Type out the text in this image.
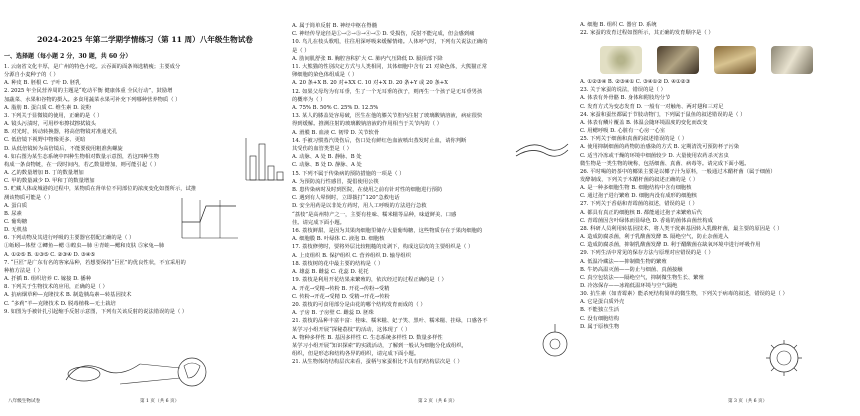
2024-2025 年第二学期学情练习（第 11 周）八年级生物试卷
一、选择题（每小题 2 分，30 题，共 60 分）
1. 云南省文化丰厚，是广州的特色小吃。云吞面的面条筛选精瘦；主要成分
分源自小麦种子的（ ）
A. 种皮 B. 胚根 C. 子叶 D. 胚乳
2. 2025 年全民营养周的主题是“吃动平衡 健康体重 全民行动”，鼓励增
加蔬菜、水果和谷物的摄入。多食用蔬菜水果可补充下列哪种营养物质（ ）
A. 脂肪 B. 蛋白质 C. 维生素 D. 淀粉
3. 下列关于显微镜的使用，正确的是（ ）
A. 镜头污渍时，可用纱布擦拭擦拭镜头
B. 对光时，转动转换器，将高倍物镜对准通光孔
C. 低倍镜下视野中物像更多、更暗
D. 从低倍镜转为高倍镜后，不能要使用粗准焦螺旋
4. 如右图为某生态系统中四种生物相对数量示意图，若这四种生物
构成一条食物链，在一段时间内，若乙数量增加，则可能引起（ ）
A. 乙的数量增加 B. 丁的数量增加
C. 甲的数量减少 D. 甲和丁的数量增加
5. 贮藏人体或城港的过程中，某物质在肾单位不同部位的浓度变化如图所示，试推
测该物质可能是（ ）
A. 蛋白质
B. 尿素
C. 葡萄糖
D. 无机盐
6. 下列动物及其进行呼吸的主要器官搭配正确的是（ ）
①蚯蚓—体壁 ②鲫鱼—鳃 ③蝗虫—肺 ④青蛙—鳃和皮肤 ⑤家兔—肺
A. ①②⑤ B. ①③⑤ C. ②③④ D. ③④⑤
7. “巨匠”是广东有名的客家品种，若想要保持“巨匠”的优良性状，不宜采用的
种植方法是（ ）
A. 扦插 B. 组织培养 C. 嫁接 D. 播种
8. 下列关于生物技术的应用，正确的是（ ）
A. 抗病烟草种—克隆技术 B. 制造胰岛素—转基因技术
C. “多莉”羊—克隆技术 D. 脱毒植株—无土栽培
9. 如图为手被针扎引起缩手反射示意图，下列有关该反射的说法错误的是（ ）
八年级生物试卷	第 1 页（共 6 页）
A. 属于简单反射 B. 神经中枢在脊髓
C. 神经传导途径是①→②→③→④→⑤ D. 受损伤，反射不能完成，但会感到痛
10. 鸟儿在枝头歌唱，往往用深呼吸来缓解情绪。人体呼气时，下列有关说法正确的
是（ ）
A. 肋间肌舒张 B. 胸腔容积扩大 C. 肺内气压降低 D. 膈顶部下降
11. 大熊猫的性别决定方式与人类相同，其体细胞中含有 21 对染色体，大熊猫正常
卵细胞的染色体组成是（ ）
A. 20 条+X B. 20 对+XX C. 10 对+X D. 20 条+Y 或 20 条+X
12. 如果父母均为有耳垂，生了一个无耳垂的孩子，则再生一个孩子是无耳垂男孩
的概率为（ ）
A. 75% B. 50% C. 25% D. 12.5%
13. 某人的膝盖处容易破，医生在他的膝关节腔内注射了玻璃酸钠溶液，病症很快
得到缓解。推测注射的玻璃酸钠溶液的作用相当于关节内的（ ）
A. 滑膜 B. 血液 C. 韧带 D. 关节软骨
14. 手被习惯蒸汽烫伤后，伤口处有鲜红色血液喷出蒸发时止血，请你判断
其受伤的血管类型是（ ）
A. 动脉、A 处 B. 静脉、B 处
C. 动脉、B 处 D. 静脉、A 处
15. 下列不属于传染病的预防措施的一项是（ ）
A. 为预防流行性感冒，提倡使用公筷
B. 患传染病时及时到医院，在使用之前有针对性的细胞进行预防
C. 遇到有人晕倒时，立即拨打“120”急救电话
D. 安全用药是以非处方药时，用人工呼吸的方法进行急救
“荔枝”是高州特产之一，主要有桂味、糯米糍等品种，味道鲜美、口感
佳。请完成下面小题。
16. 荔枝鲜甜，是因为其果肉细胞里储存大量葡萄糖，这些物质存在于果肉细胞的
A. 细胞膜 B. 叶绿体 C. 液泡 D. 细胞核
17. 荔枝修剪时，要将外层比较粗糙的皮剥下，构成这层皮的主要组织是（ ）
A. 上皮组织 B. 保护组织 C. 营养组织 D. 输导组织
18. 荔枝树的花中最主要的结构是（ ）
A. 雄蕊 B. 雌蕊 C. 花蕊 D. 花托
19. 荔枝是利用开花结果来繁殖的，依次经过的过程正确的是（ ）
A. 开花→受精→传粉 B. 开花→传粉→受精
C. 传粉→开花→受精 D. 受精→开花→传粉
20. 荔枝的可食用部分是由花的哪个结构发育而成的（ ）
A. 子房 B. 子房壁 C. 雌蕊 D. 胚珠
21. 荔枝的品种丰富丰富：桂味、糯米糍、妃子笑、黑叶、糯米糍、挂绿，口感各不
某学习小组开展“探秘荔枝”的活动，这体现了（ ）
A. 物种多样性 B. 基因多样性 C. 生态系统多样性 D. 数量多样性
某学习小组开展“知识探索”的实践活动，了解到一般认为细胞分化成组织，
组织，但是形态和结构各异的组织，请完成下面小题。
21. 从生物体的结构层次来看，蚕柄与家蚕相比不具有的结构层次是（ ）
第 2 页（共 6 页）
A. 细胞 B. 组织 C. 器官 D. 系统
22. 家蚕的发育过程如图所示，其正确的发育顺序是（ ）

A. ①②③④ B. ②③④① C. ③④①② D. ④①②③
23. 关于家蚕的说法，错误的是（ ）
A. 体表有外骨骼 B. 身体和附肢均分节
C. 发育方式为变态发育 D. 一般有一对触角、两对翅和三对足
24. 家蚕和蚕丝都属于节肢动物门，下列属于鼠鱼的叙述错误的是（ ）
A. 体表有鳞片覆盖 B. 体温会随环境温度的变化而改变
C. 用鳃呼吸 D. 心脏有一心房一心室
25. 下列关于细菌和真菌的叙述错误的是（ ）
A. 使用抑制细菌的药物防治感染的方式 B. 定期清洗可预防杯子污染
C. 适当冷冻或干燥的环境中细菌较少 D. 大量使用农药杀灭害虫
微生物是一类生物的统称，包括细菌、真菌、病毒等。请完成下面小题。
26. 平时喝的奶茶中的椰果主要是以椰子汁为原料，一般通过木醋杆菌（属于细菌）
发酵制成，下列关于木醋杆菌的叙述正确的是（ ）
A. 是一种多细胞生物 B. 细胞结构中含有细胞核
C. 通过孢子进行繁殖 D. 细胞内没有成形的细胞核
27. 下列关于香菇和青霉菌的叙述，错误的是（ ）
A. 都具有真正的细胞核 B. 都能通过孢子来繁殖后代
C. 青霉菌因含叶绿体而显绿色 D. 香菇的菌体由菌丝构成
28. 科研人员利用转基因技术，将人类干扰素基因转入乳酸杆菌，最主要的原因是（ ）
A. 造成防腐杀菌，利于乳酸菌发酵 B. 隔绝空气，防止杂菌进入
C. 造成防腐杀菌，抑制乳酸菌发酵 D. 利于醋酸菌在缺氧环境中进行呼吸作用
29. 下列生活中常见的保存方法与原理对应错误的是（ ）
A. 低温冷藏法——抑制微生物的繁殖
B. 牛奶高温灭菌——防止与细菌、真菌接触
C. 真空包装法——隔绝空气，抑制微生物生长、繁殖
D. 冷冻保存——冰箱低温环境与空气隔绝
30. 抗生素（如青霉素）能杀死结构简单的微生物，下列关于病毒的叙述，错误的是（ ）
A. 它是蛋白质外壳
B. 不能独立生活
C. 没有细胞结构
D. 属于原核生物

第 3 页（共 6 页）
